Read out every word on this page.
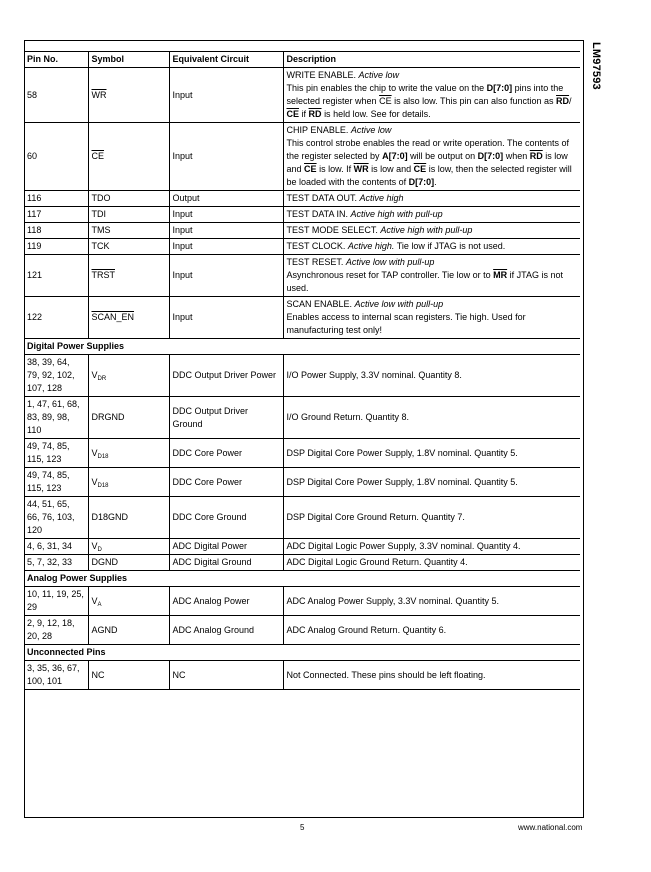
LM97593
Pin No.	Symbol	Equivalent Circuit	Description
58	$\overline{WR}$	Input	WRITE ENABLE. Active low
This pin enables the chip to write the value on the D[7:0] pins into the selected register when $\overline{CE}$ is also low. This pin can also function as $\overline{RD}/$ $\overline{CE}$ if $\overline{RD}$ is held low. See for details.
60	$\overline{CE}$	Input	CHIP ENABLE. Active low
This control strobe enables the read or write operation. The contents of the register selected by A[7:0] will be output on D[7:0] when $\overline{RD}$ is low and $\overline{CE}$ is low. If $\overline{WR}$ is low and $\overline{CE}$ is low, then the selected register will be loaded with the contents of D[7:0].
116	TDO	Output	TEST DATA OUT. Active high
117	TDI	Input	TEST DATA IN. Active high with pull-up
118	TMS	Input	TEST MODE SELECT. Active high with pull-up
119	TCK	Input	TEST CLOCK. Active high. Tie low if JTAG is not used.
121	TRST	Input	TEST RESET. Active low with pull-up
Asynchronous reset for TAP controller. Tie low or to $\overline{MR}$ if JTAG is not used.
122	SCAN_EN	Input	SCAN ENABLE. Active low with pull-up
Enables access to internal scan registers. Tie high. Used for manufacturing test only!
Digital Power Supplies			
38, 39, 64, 79, 92, 102, 107, 128	$V_{DR}$	DDC Output Driver Power	I/O Power Supply, 3.3V nominal. Quantity 8.
1, 47, 61, 68, 83, 89, 98, 110	DRGND	DDC Output Driver Ground	I/O Ground Return. Quantity 8.
49, 74, 85, 115, 123	$V_{D18}$	DDC Core Power	DSP Digital Core Power Supply, 1.8V nominal. Quantity 5.
49, 74, 85, 115, 123	$V_{D18}$	DDC Core Power	DSP Digital Core Power Supply, 1.8V nominal. Quantity 5.
44, 51, 65, 66, 76, 103, 120	D18GND	DDC Core Ground	DSP Digital Core Ground Return. Quantity 7.
4, 6, 31, 34	$V_D$	ADC Digital Power	ADC Digital Logic Power Supply, 3.3V nominal. Quantity 4.
5, 7, 32, 33	DGND	ADC Digital Ground	ADC Digital Logic Ground Return. Quantity 4.
Analog Power Supplies			
10, 11, 19, 25, 29	$V_A$	ADC Analog Power	ADC Analog Power Supply, 3.3V nominal. Quantity 5.
2, 9, 12, 18, 20, 28	AGND	ADC Analog Ground	ADC Analog Ground Return. Quantity 6.
Unconnected Pins			
3, 35, 36, 67, 100, 101	NC	NC	Not Connected. These pins should be left floating.
5	www.national.com
